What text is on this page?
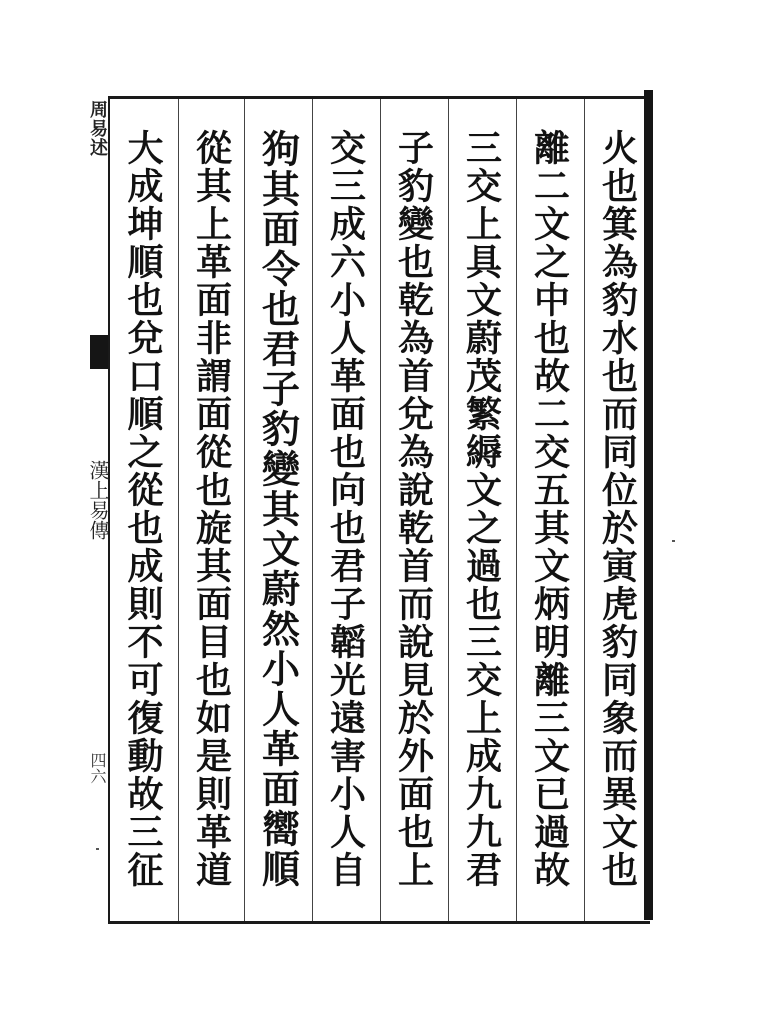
周易述
漢上易傳
四六	火也箕為豹水也而同位於寅虎豹同象而異文也
離二文之中也故二交五其文炳明離三文已過故
三交上具文蔚茂繁縟文之過也三交上成九九君
子豹變也乾為首兌為說乾首而說見於外面也上
交三成六小人革面也向也君子韜光遠害小人自
狗其面令也君子豹變其文蔚然小人革面嚮順
從其上革面非謂面從也旋其面目也如是則革道
大成坤順也兌口順之從也成則不可復動故三征
